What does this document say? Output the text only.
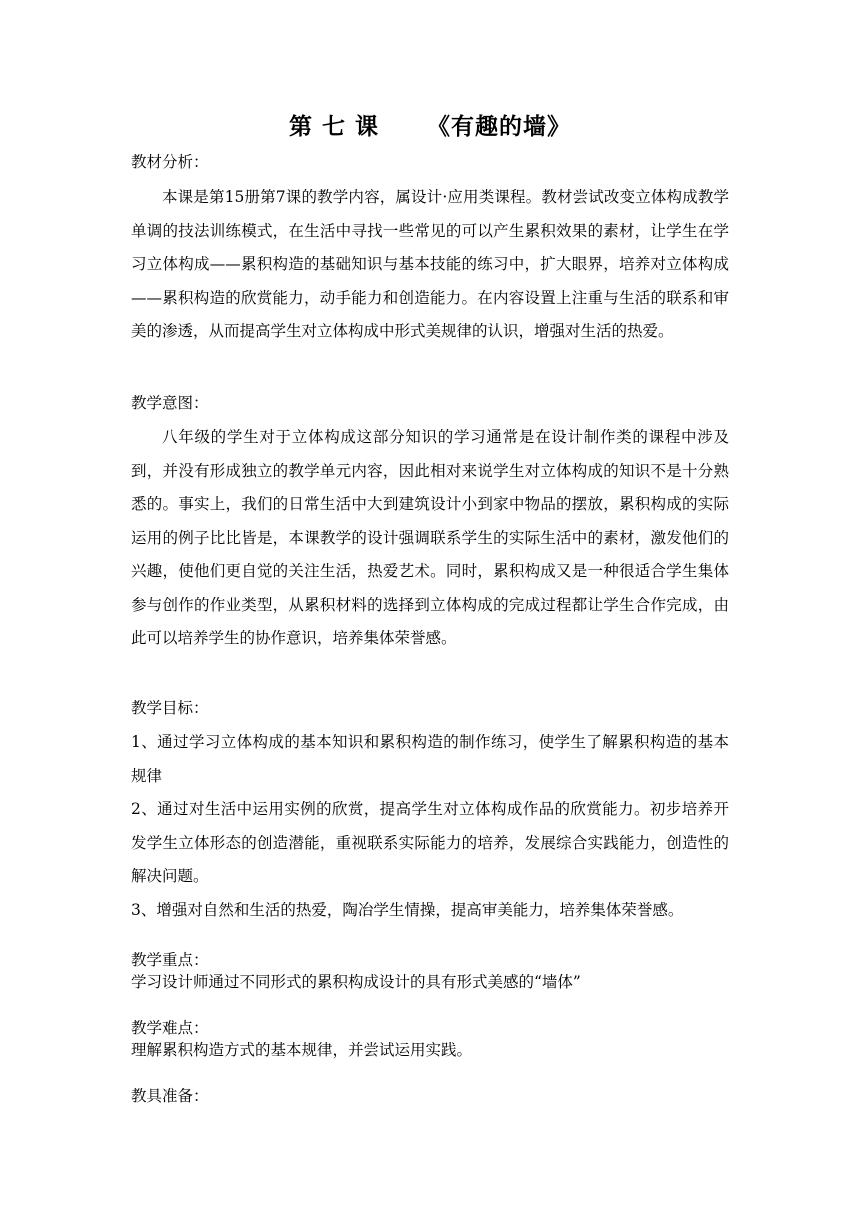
第 七 课 《有趣的墙》
教材分析：
本课是第15册第7课的教学内容，属设计·应用类课程。教材尝试改变立体构成教学单调的技法训练模式，在生活中寻找一些常见的可以产生累积效果的素材，让学生在学习立体构成——累积构造的基础知识与基本技能的练习中，扩大眼界，培养对立体构成——累积构造的欣赏能力，动手能力和创造能力。在内容设置上注重与生活的联系和审美的渗透，从而提高学生对立体构成中形式美规律的认识，增强对生活的热爱。
教学意图：
八年级的学生对于立体构成这部分知识的学习通常是在设计制作类的课程中涉及到，并没有形成独立的教学单元内容，因此相对来说学生对立体构成的知识不是十分熟悉的。事实上，我们的日常生活中大到建筑设计小到家中物品的摆放，累积构成的实际运用的例子比比皆是，本课教学的设计强调联系学生的实际生活中的素材，激发他们的兴趣，使他们更自觉的关注生活，热爱艺术。同时，累积构成又是一种很适合学生集体参与创作的作业类型，从累积材料的选择到立体构成的完成过程都让学生合作完成，由此可以培养学生的协作意识，培养集体荣誉感。
教学目标：
1、通过学习立体构成的基本知识和累积构造的制作练习，使学生了解累积构造的基本规律
2、通过对生活中运用实例的欣赏，提高学生对立体构成作品的欣赏能力。初步培养开发学生立体形态的创造潜能，重视联系实际能力的培养，发展综合实践能力，创造性的解决问题。
3、增强对自然和生活的热爱，陶冶学生情操，提高审美能力，培养集体荣誉感。
教学重点：
学习设计师通过不同形式的累积构成设计的具有形式美感的“墙体”
教学难点：
理解累积构造方式的基本规律，并尝试运用实践。
教具准备：
